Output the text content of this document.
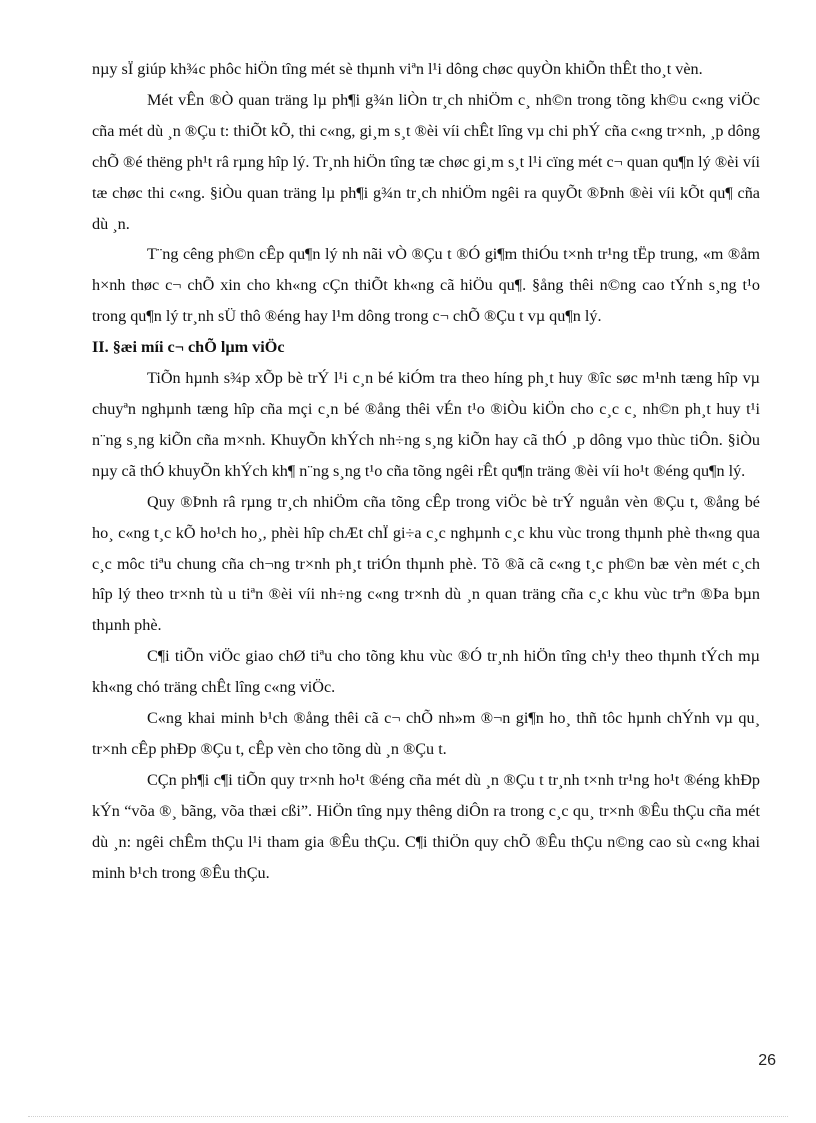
nµy sÏ giúp kh¾c phôc hiÖn tîng mét sè thµnh viªn l¹i dông chøc quyÒn khiÕn thÊt tho¸t vèn.

Mét vÊn ®Ò quan träng lµ ph¶i g¾n liÒn tr¸ch nhiÖm c¸ nh©n trong tõng kh©u c«ng viÖc cña mét dù ¸n ®Çu t: thiÕt kÕ, thi c«ng, gi¸m s¸t ®èi víi chÊt lîng vµ chi phÝ cña c«ng tr×nh, ¸p dông chÕ ®é thëng ph¹t râ rµng hîp lý. Tr¸nh hiÖn tîng tæ chøc gi¸m s¸t l¹i cïng mét c¬ quan qu¶n lý ®èi víi tæ chøc thi c«ng. §iÒu quan träng lµ ph¶i g¾n tr¸ch nhiÖm ngêi ra quyÕt ®Þnh ®èi víi kÕt qu¶ cña dù ¸n.

T¨ng cêng ph©n cÊp qu¶n lý nh nãi vÒ ®Çu t ®Ó gi¶m thiÓu t×nh tr¹ng tËp trung, «m ®åm h×nh thøc c¬ chÕ xin cho kh«ng cÇn thiÕt kh«ng cã hiÖu qu¶. §ång thêi n©ng cao tÝnh s¸ng t¹o trong qu¶n lý tr¸nh sÜ thô ®éng hay l¹m dông trong c¬ chÕ ®Çu t vµ qu¶n lý.

II. §æi míi c¬ chÕ lµm viÖc

TiÕn hµnh s¾p xÕp bè trÝ l¹i c¸n bé kiÓm tra theo híng ph¸t huy ®îc søc m¹nh tæng hîp vµ chuyªn nghµnh tæng hîp cña mçi c¸n bé ®ång thêi vÉn t¹o ®iÒu kiÖn cho c¸c c¸ nh©n ph¸t huy t¹i n¨ng s¸ng kiÕn cña m×nh. KhuyÕn khÝch nh÷ng s¸ng kiÕn hay cã thÓ ¸p dông vµo thùc tiÔn. §iÒu nµy cã thÓ khuyÕn khÝch kh¶ n¨ng s¸ng t¹o cña tõng ngêi rÊt qu¶n träng ®èi víi ho¹t ®éng qu¶n lý.

Quy ®Þnh râ rµng tr¸ch nhiÖm cña tõng cÊp trong viÖc bè trÝ nguån vèn ®Çu t, ®ång bé ho¸ c«ng t¸c kÕ ho¹ch ho¸, phèi hîp chÆt chÏ gi÷a c¸c nghµnh c¸c khu vùc trong thµnh phè th«ng qua c¸c môc tiªu chung cña ch¬ng tr×nh ph¸t triÓn thµnh phè. Tõ ®ã cã c«ng t¸c ph©n bæ vèn mét c¸ch hîp lý theo tr×nh tù u tiªn ®èi víi nh÷ng c«ng tr×nh dù ¸n quan träng cña c¸c khu vùc trªn ®Þa bµn thµnh phè.

C¶i tiÕn viÖc giao chØ tiªu cho tõng khu vùc ®Ó tr¸nh hiÖn tîng ch¹y theo thµnh tÝch mµ kh«ng chó träng chÊt lîng c«ng viÖc.

C«ng khai minh b¹ch ®ång thêi cã c¬ chÕ nh»m ®¬n gi¶n ho¸ thñ tôc hµnh chÝnh vµ qu¸ tr×nh cÊp phÐp ®Çu t, cÊp vèn cho tõng dù ¸n ®Çu t.

CÇn ph¶i c¶i tiÕn quy tr×nh ho¹t ®éng cña mét dù ¸n ®Çu t tr¸nh t×nh tr¹ng ho¹t ®éng khÐp kÝn “võa ®¸ bãng, võa thæi cßi”. HiÖn tîng nµy thêng diÔn ra trong c¸c qu¸ tr×nh ®Êu thÇu cña mét dù ¸n: ngêi chÊm thÇu l¹i tham gia ®Êu thÇu. C¶i thiÖn quy chÕ ®Êu thÇu n©ng cao sù c«ng khai minh b¹ch trong ®Êu thÇu.

26
